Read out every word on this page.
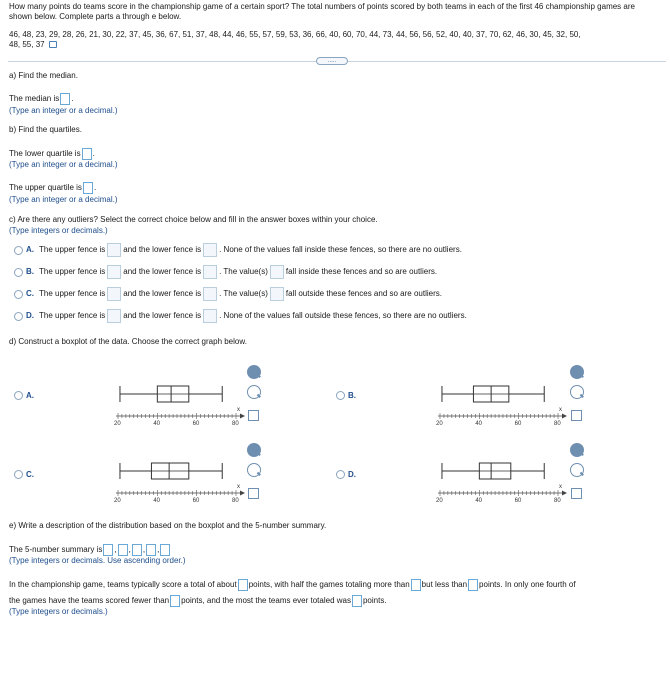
How many points do teams score in the championship game of a certain sport? The total numbers of points scored by both teams in each of the first 46 championship games are shown below. Complete parts a through e below.
46, 48, 23, 29, 28, 26, 21, 30, 22, 37, 45, 36, 67, 51, 37, 48, 44, 46, 55, 57, 59, 53, 36, 66, 40, 60, 70, 44, 73, 44, 56, 56, 52, 40, 40, 37, 70, 62, 46, 30, 45, 32, 50,
48, 55, 37
.....
a) Find the median.
The median is .
(Type an integer or a decimal.)
b) Find the quartiles.
The lower quartile is .
(Type an integer or a decimal.)
The upper quartile is .
(Type an integer or a decimal.)
c) Are there any outliers? Select the correct choice below and fill in the answer boxes within your choice.
(Type integers or decimals.)
A. The upper fence is and the lower fence is . None of the values fall inside these fences, so there are no outliers.
B. The upper fence is and the lower fence is . The value(s) fall inside these fences and so are outliers.
C. The upper fence is and the lower fence is . The value(s) fall outside these fences and so are outliers.
D. The upper fence is and the lower fence is . None of the values fall outside these fences, so there are no outliers.
d) Construct a boxplot of the data. Choose the correct graph below.
A.	B.
C.	D.
x
20	40	60	80
x
20	40	60	80
x
20	40	60	80
x
20	40	60	80
e) Write a description of the distribution based on the boxplot and the 5-number summary.
The 5-number summary is , , , ,
(Type integers or decimals. Use ascending order.)
In the championship game, teams typically score a total of about points, with half the games totaling more than but less than points. In only one fourth of
the games have the teams scored fewer than points, and the most the teams ever totaled was points.
(Type integers or decimals.)
